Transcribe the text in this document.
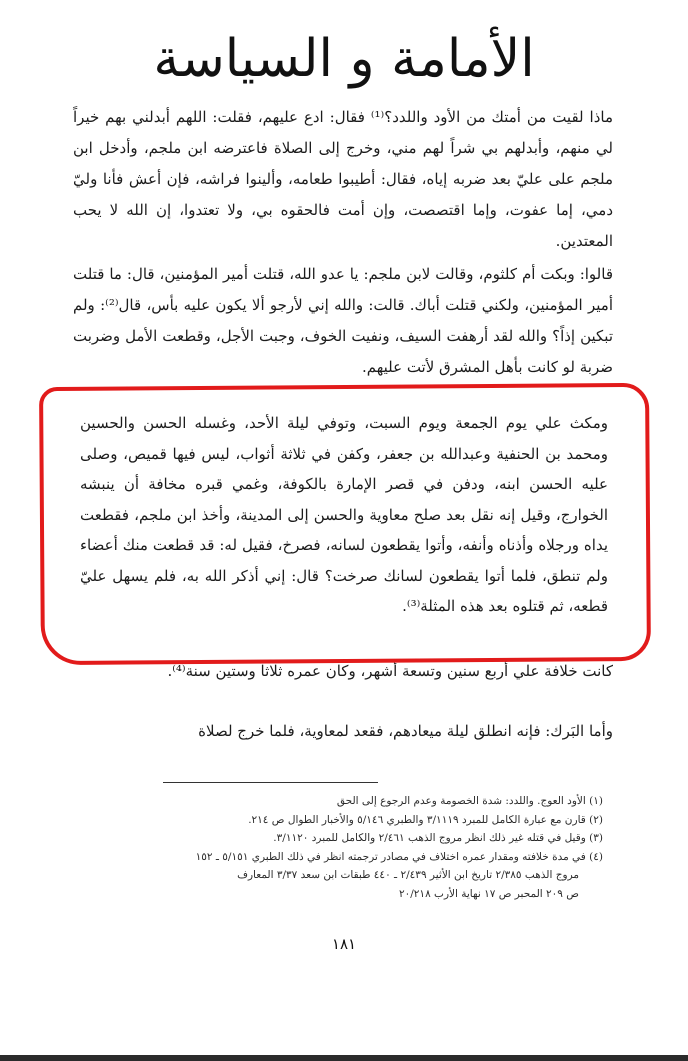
الأمامة و السياسة
ماذا لقيت من أمتك من الأود واللدد؟⁽¹⁾ فقال: ادع عليهم، فقلت: اللهم أبدلني بهم خيراً لي منهم، وأبدلهم بي شراً لهم مني، وخرج إلى الصلاة فاعترضه ابن ملجم، وأدخل ابن ملجم على عليّ بعد ضربه إياه، فقال: أطيبوا طعامه، وألينوا فراشه، فإن أعش فأنا وليّ دمي، إما عفوت، وإما اقتصصت، وإن أمت فالحقوه بي، ولا تعتدوا، إن الله لا يحب المعتدين.
قالوا: وبكت أم كلثوم، وقالت لابن ملجم: يا عدو الله، قتلت أمير المؤمنين، قال: ما قتلت أمير المؤمنين، ولكني قتلت أباك. قالت: والله إني لأرجو ألا يكون عليه بأس، قال⁽²⁾: ولم تبكين إذاً؟ والله لقد أرهفت السيف، ونفيت الخوف، وجبت الأجل، وقطعت الأمل وضربت ضربة لو كانت بأهل المشرق لأتت عليهم.
ومكث علي يوم الجمعة ويوم السبت، وتوفي ليلة الأحد، وغسله الحسن والحسين ومحمد بن الحنفية وعبدالله بن جعفر، وكفن في ثلاثة أثواب، ليس فيها قميص، وصلى عليه الحسن ابنه، ودفن في قصر الإمارة بالكوفة، وغمي قبره مخافة أن ينبشه الخوارج، وقيل إنه نقل بعد صلح معاوية والحسن إلى المدينة، وأخذ ابن ملجم، فقطعت يداه ورجلاه وأذناه وأنفه، وأتوا يقطعون لسانه، فصرخ، فقيل له: قد قطعت منك أعضاء ولم تنطق، فلما أتوا يقطعون لسانك صرخت؟ قال: إني أذكر الله به، فلم يسهل عليّ قطعه، ثم قتلوه بعد هذه المثلة⁽³⁾.
كانت خلافة علي أربع سنين وتسعة أشهر، وكان عمره ثلاثاً وستين سنة⁽⁴⁾.
وأما البَرك: فإنه انطلق ليلة ميعادهم، فقعد لمعاوية، فلما خرج لصلاة
(١) الأود العوج. واللدد: شدة الخصومة وعدم الرجوع إلى الحق
(٢) قارن مع عبارة الكامل للمبرد ٣/١١١٩ والطبري ٥/١٤٦ والأخبار الطوال ص ٢١٤.
(٣) وقيل في قتله غير ذلك انظر مروج الذهب ٢/٤٦١ والكامل للمبرد ٣/١١٢٠.
(٤) في مدة خلافته ومقدار عمره اختلاف في مصادر ترجمته انظر في ذلك الطبري ٥/١٥١ ـ ١٥٢
مروج الذهب ٢/٣٨٥ تاريخ ابن الأثير ٢/٤٣٩ ـ ٤٤٠ طبقات ابن سعد ٣/٣٧ المعارف
ص ٢٠٩ المحبر ص ١٧ نهاية الأرب ٢٠/٢١٨
١٨١
